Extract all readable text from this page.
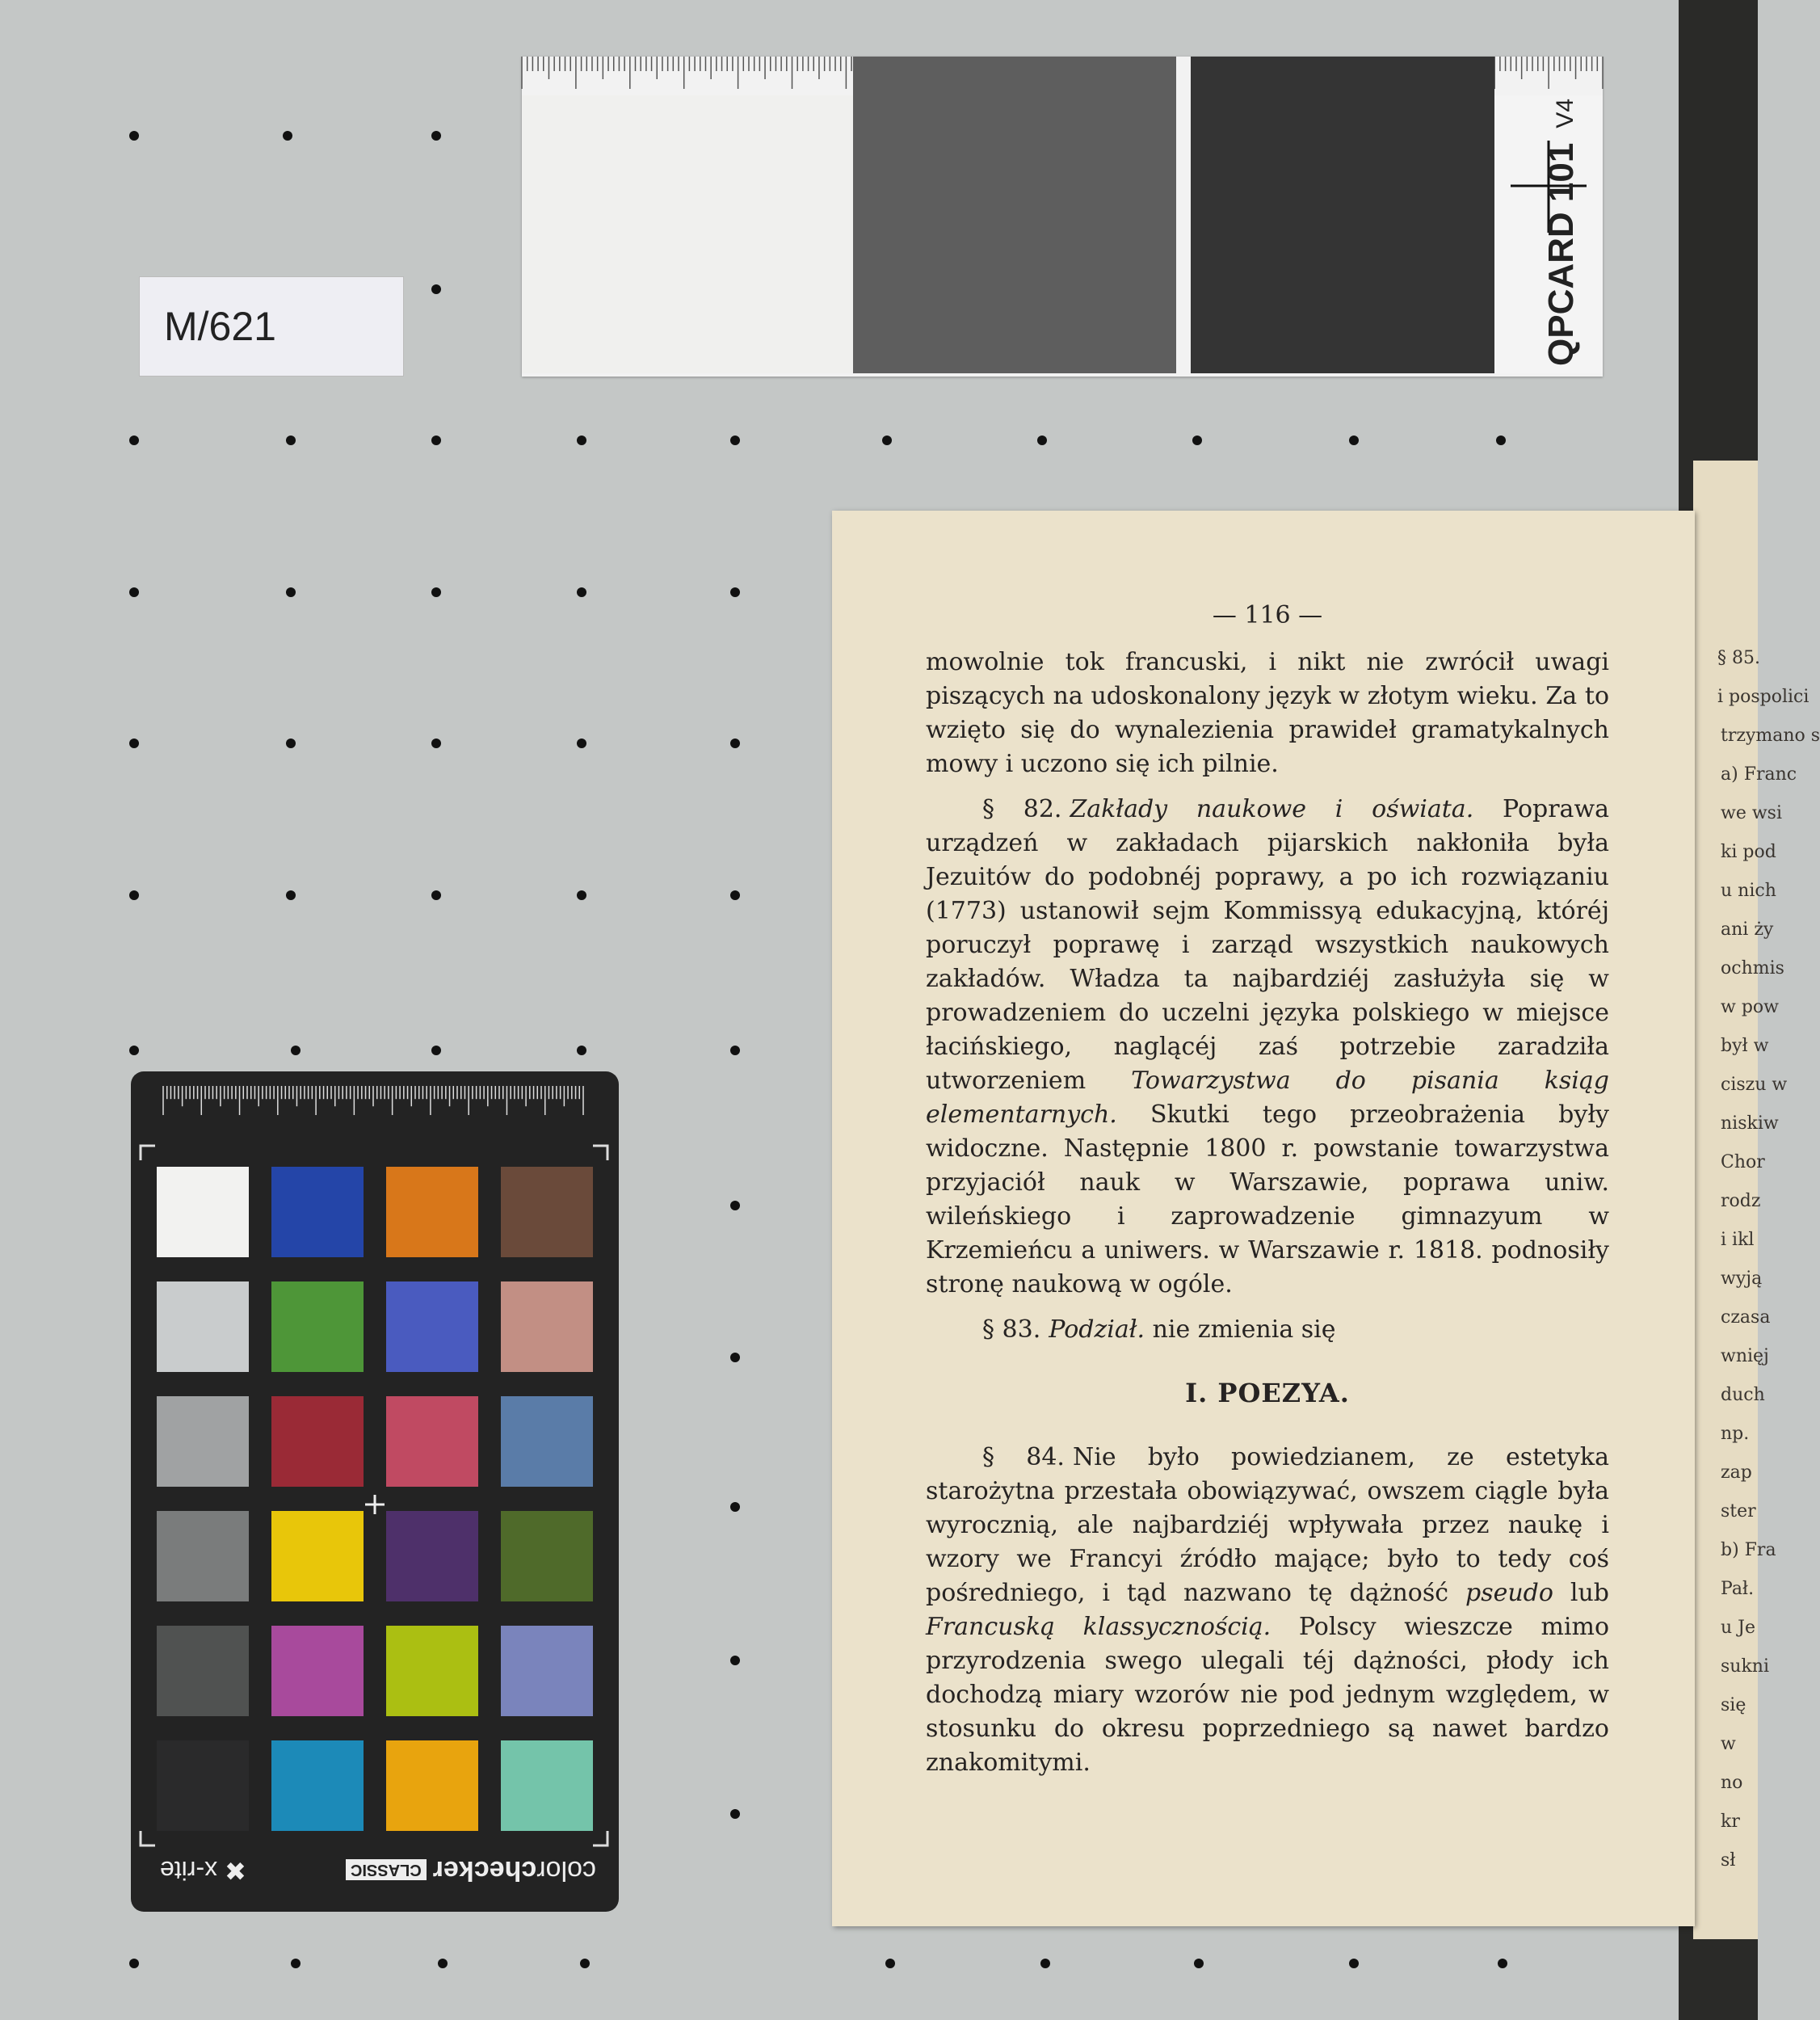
M/621	QPCARD 101V4
colorcheckerCLASSIC
✖ x-rite
§ 85.
i pospolici
trzymano s
a) Franc
we wsi
ki pod
u nich
ani ży
ochmis
w pow
był w
ciszu w
niskiw
Chor
rodz
i ikl
wyją
czasa
wnięj
duch
np.
zap
ster
b) Fra
Pał.
u Je
sukni
się
w
no
kr
sł
— 116 —

mowolnie tok francuski, i nikt nie zwrócił uwagi piszących na udoskonalony język w złotym wieku. Za to wzięto się do wynalezienia prawideł gramatykalnych mowy i uczono się ich pilnie.

§ 82. Zakłady naukowe i oświata. Poprawa urządzeń w zakładach pijarskich nakłoniła była Jezuitów do podobnéj poprawy, a po ich rozwiązaniu (1773) ustanowił sejm Kommissyą edukacyjną, któréj poruczył poprawę i zarząd wszystkich naukowych zakładów. Władza ta najbardziéj zasłużyła się w prowadzeniem do uczelni języka polskiego w miejsce łacińskiego, naglącéj zaś potrzebie zaradziła utworzeniem Towarzystwa do pisania ksiąg elementarnych. Skutki tego przeobrażenia były widoczne. Następnie 1800 r. powstanie towarzystwa przyjaciół nauk w Warszawie, poprawa uniw. wileńskiego i zaprowadzenie gimnazyum w Krzemieńcu a uniwers. w Warszawie r. 1818. podnosiły stronę naukową w ogóle.

§ 83. Podział. nie zmienia się

I. POEZYA.

§ 84. Nie było powiedzianem, ze estetyka starożytna przestała obowiązywać, owszem ciągle była wyrocznią, ale najbardziéj wpływała przez naukę i wzory we Francyi źródło mające; było to tedy coś pośredniego, i tąd nazwano tę dążność pseudo lub Francuską klassycznością. Polscy wieszcze mimo przyrodzenia swego ulegali téj dążności, płody ich dochodzą miary wzorów nie pod jednym względem, w stosunku do okresu poprzedniego są nawet bardzo znakomitymi.
